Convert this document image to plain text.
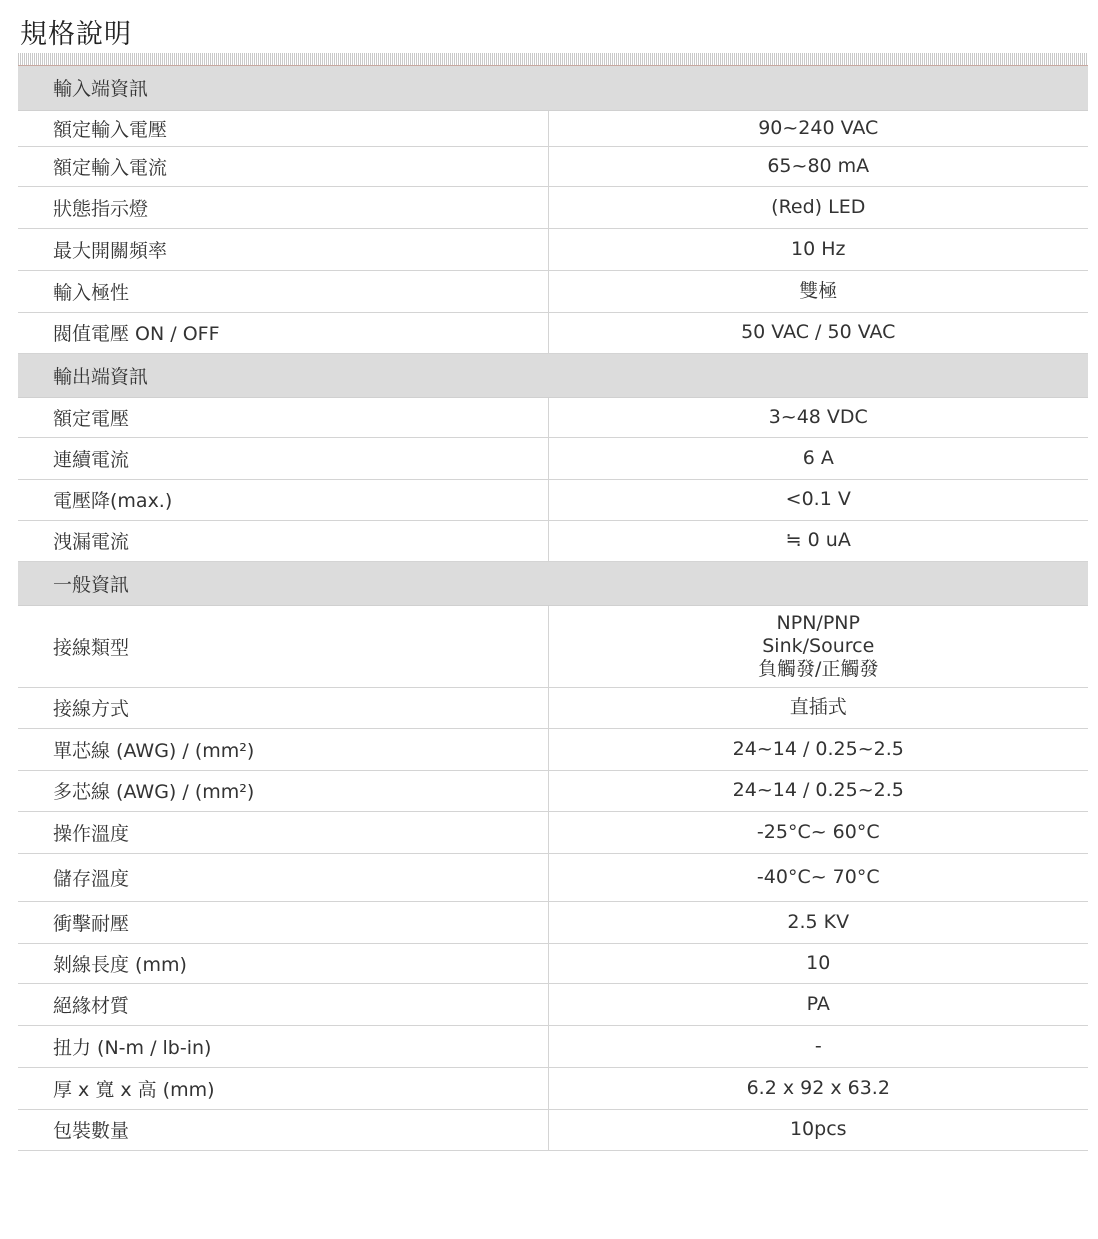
規格說明
輸入端資訊	
額定輸入電壓	90~240 VAC

額定輸入電流	65~80 mA

狀態指示燈	(Red) LED

最大開關頻率	10 Hz

輸入極性	雙極

閥值電壓 ON / OFF	50 VAC / 50 VAC

輸出端資訊	
額定電壓	3~48 VDC

連續電流	6 A

電壓降(max.)	<0.1 V

洩漏電流	≒ 0 uA

一般資訊	
接線類型	NPN/PNP
Sink/Source
負觸發/正觸發

接線方式	直插式

單芯線 (AWG) / (mm²)	24~14 / 0.25~2.5

多芯線 (AWG) / (mm²)	24~14 / 0.25~2.5

操作溫度	-25°C~ 60°C

儲存溫度	-40°C~ 70°C

衝擊耐壓	2.5 KV

剝線長度 (mm)	10

絕緣材質	PA

扭力 (N-m / lb-in)	-

厚 x 寬 x 高 (mm)	6.2 x 92 x 63.2

包裝數量	10pcs
